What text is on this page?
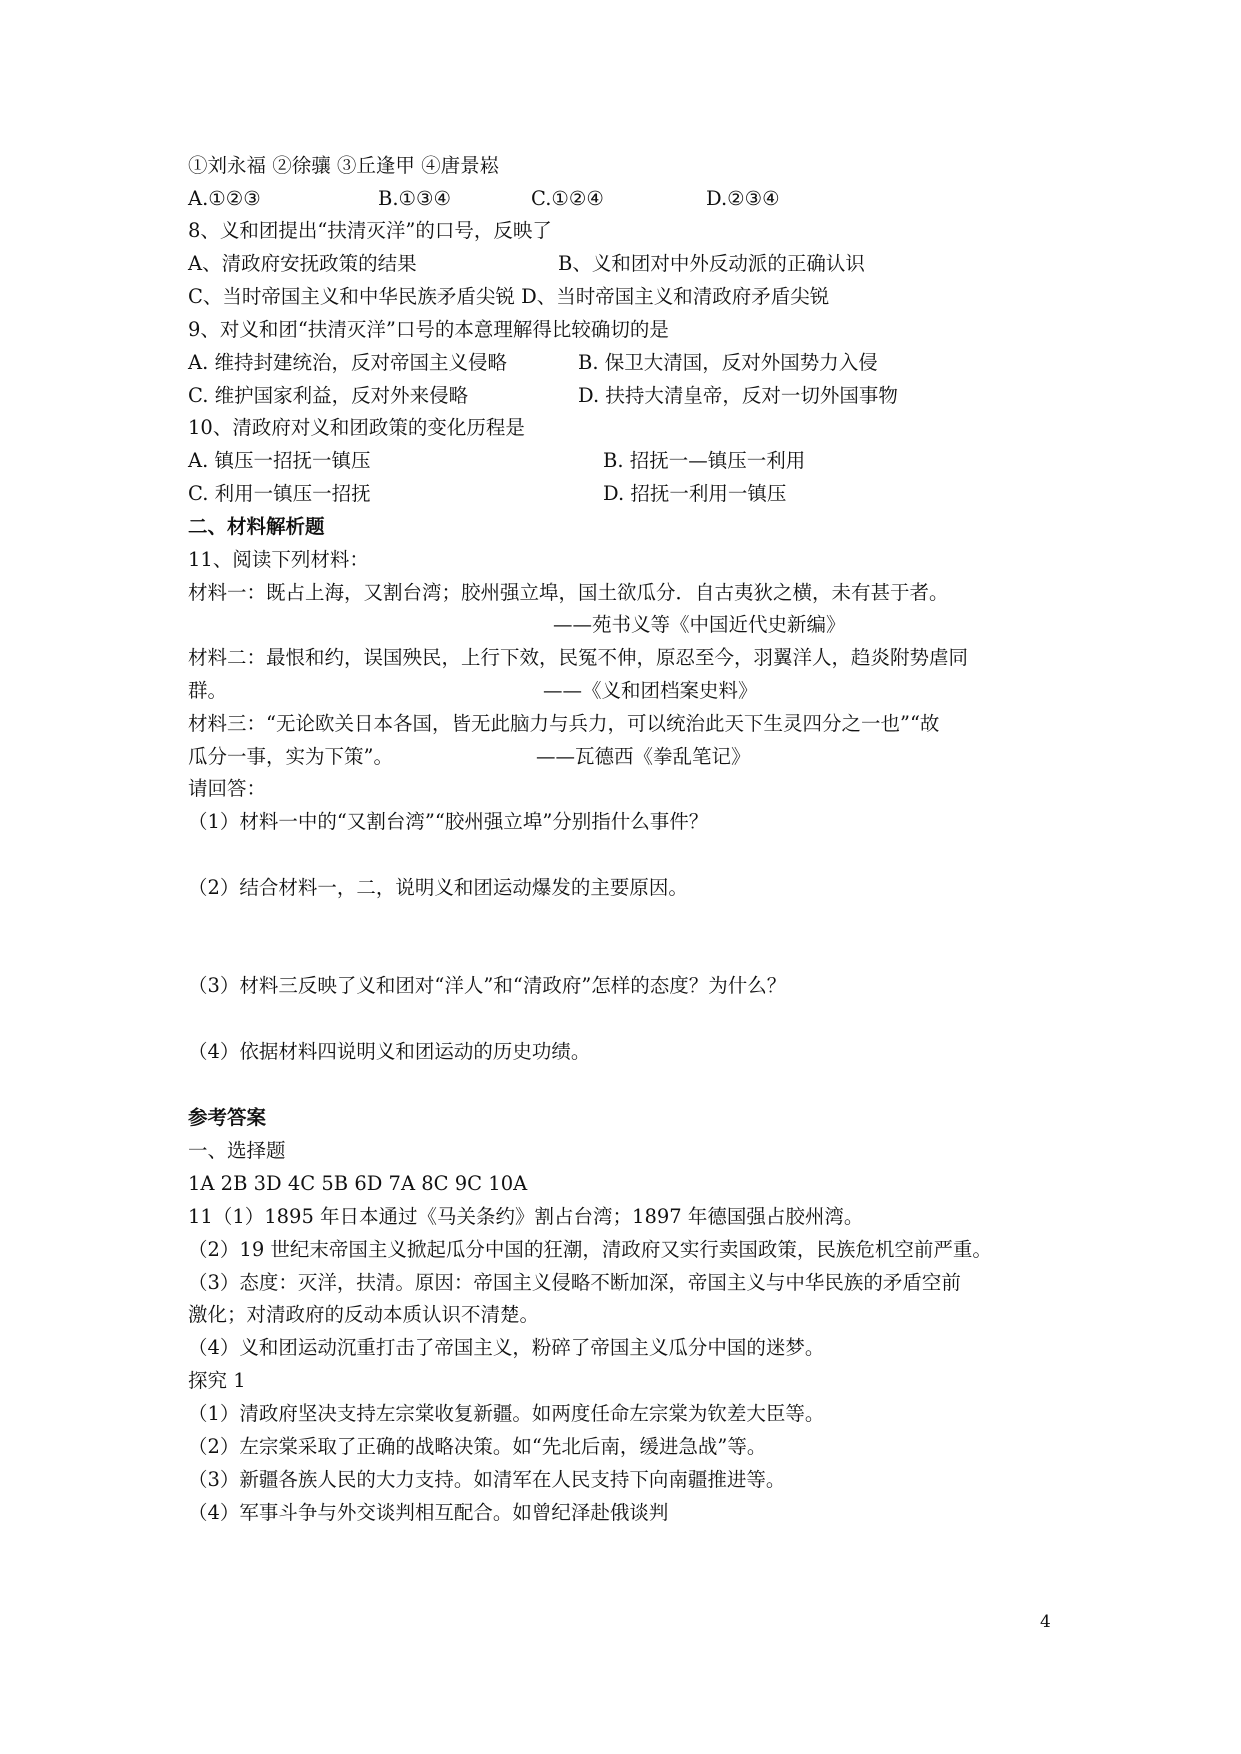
①刘永福 ②徐骧 ③丘逢甲 ④唐景崧
A.①②③	B.①③④	C.①②④	D.②③④
8、义和团提出“扶清灭洋”的口号，反映了
A、清政府安抚政策的结果	B、义和团对中外反动派的正确认识
C、当时帝国主义和中华民族矛盾尖锐 D、当时帝国主义和清政府矛盾尖锐
9、对义和团“扶清灭洋”口号的本意理解得比较确切的是
A. 维持封建统治，反对帝国主义侵略	B. 保卫大清国，反对外国势力入侵
C. 维护国家利益，反对外来侵略	D. 扶持大清皇帝，反对一切外国事物
10、清政府对义和团政策的变化历程是
A. 镇压一招抚一镇压	B. 招抚一—镇压一利用
C. 利用一镇压一招抚	D. 招抚一利用一镇压
二、材料解析题
11、阅读下列材料：
材料一：既占上海，又割台湾；胶州强立埠，国土欲瓜分．自古夷狄之横，未有甚于者。
——苑书义等《中国近代史新编》
材料二：最恨和约，误国殃民，上行下效，民冤不伸，原忍至今，羽翼洋人，趋炎附势虐同
群。	——《义和团档案史料》
材料三：“无论欧关日本各国，皆无此脑力与兵力，可以统治此天下生灵四分之一也”“故
瓜分一事，实为下策”。	——瓦德西《拳乱笔记》
请回答：
（1）材料一中的“又割台湾”“胶州强立埠”分别指什么事件？
（2）结合材料一，二，说明义和团运动爆发的主要原因。
（3）材料三反映了义和团对“洋人”和“清政府”怎样的态度？为什么？
（4）依据材料四说明义和团运动的历史功绩。
参考答案
一、选择题
1A 2B 3D 4C 5B 6D 7A 8C 9C 10A
11（1）1895 年日本通过《马关条约》割占台湾；1897 年德国强占胶州湾。
（2）19 世纪末帝国主义掀起瓜分中国的狂潮，清政府又实行卖国政策，民族危机空前严重。
（3）态度：灭洋，扶清。原因：帝国主义侵略不断加深，帝国主义与中华民族的矛盾空前
激化；对清政府的反动本质认识不清楚。
（4）义和团运动沉重打击了帝国主义，粉碎了帝国主义瓜分中国的迷梦。
探究 1
（1）清政府坚决支持左宗棠收复新疆。如两度任命左宗棠为钦差大臣等。
（2）左宗棠采取了正确的战略决策。如“先北后南，缓进急战”等。
（3）新疆各族人民的大力支持。如清军在人民支持下向南疆推进等。
（4）军事斗争与外交谈判相互配合。如曾纪泽赴俄谈判
4
